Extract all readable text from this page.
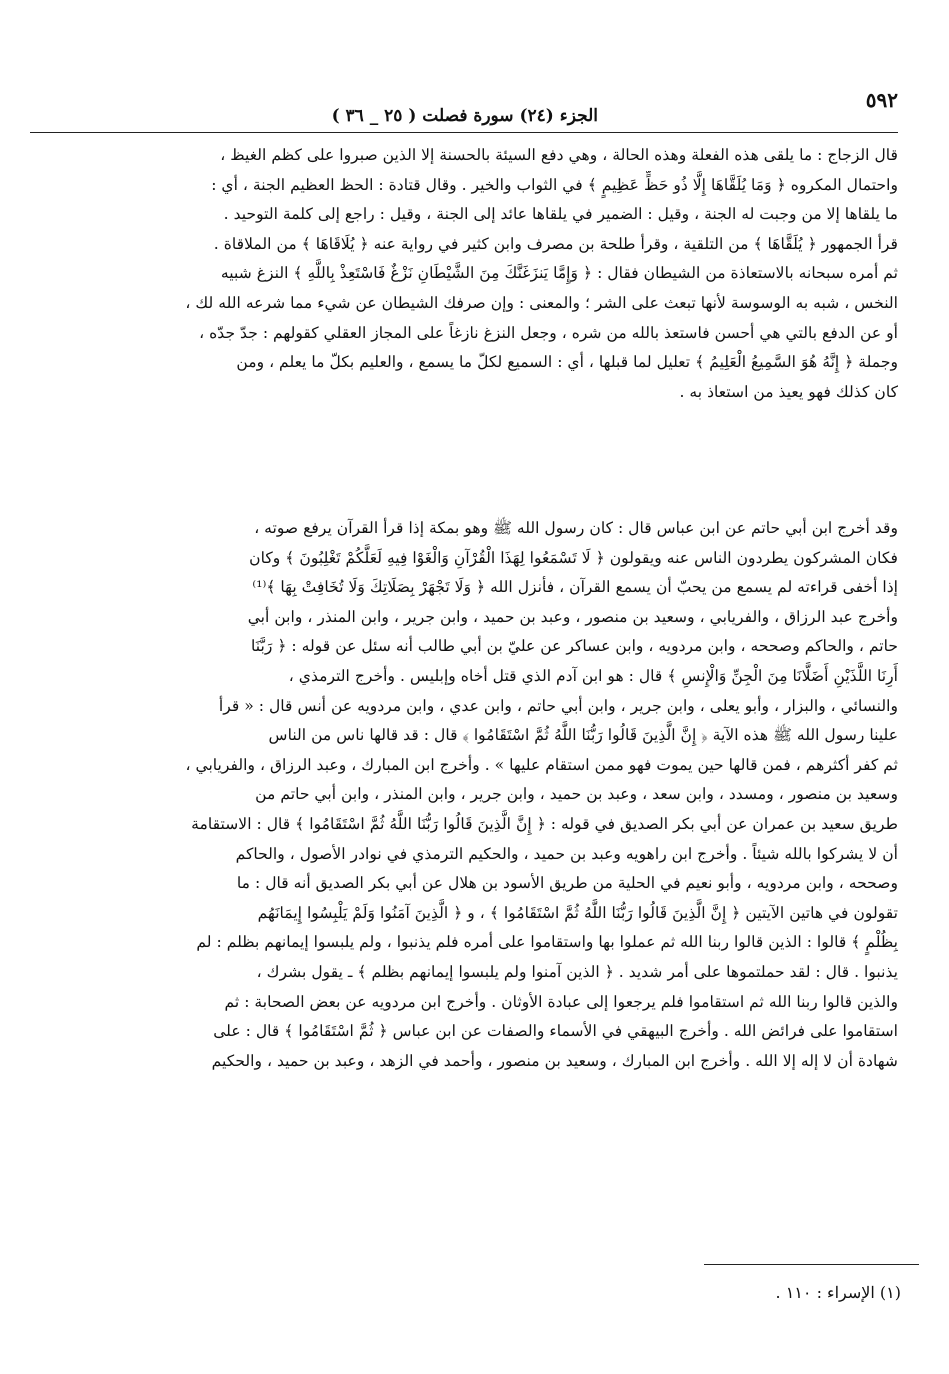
٥٩٢
الجزء (٢٤) سورة فصلت ( ٢٥ _ ٣٦ )
قال الزجاج : ما يلقى هذه الفعلة وهذه الحالة ، وهي دفع السيئة بالحسنة إلا الذين صبروا على كظم الغيظ ،
واحتمال المكروه ﴿ وَمَا يُلَقَّاهَا إِلَّا ذُو حَظٍّ عَظِيمٍ ﴾ في الثواب والخير . وقال قتادة : الحظ العظيم الجنة ، أي :
ما يلقاها إلا من وجبت له الجنة ، وقيل : الضمير في يلقاها عائد إلى الجنة ، وقيل : راجع إلى كلمة التوحيد .
قرأ الجمهور ﴿ يُلَقَّاهَا ﴾ من التلقية ، وقرأ طلحة بن مصرف وابن كثير في رواية عنه ﴿ يُلَاقَاهَا ﴾ من الملاقاة .
ثم أمره سبحانه بالاستعاذة من الشيطان فقال : ﴿ وَإِمَّا يَنزَغَنَّكَ مِنَ الشَّيْطَانِ نَزْغٌ فَاسْتَعِذْ بِاللَّهِ ﴾ النزغ شبيه
النخس ، شبه به الوسوسة لأنها تبعث على الشر ؛ والمعنى : وإن صرفك الشيطان عن شيء مما شرعه الله لك ،
أو عن الدفع بالتي هي أحسن فاستعذ بالله من شره ، وجعل النزغ نازغاً على المجاز العقلي كقولهم : جدّ جدّه ،
وجملة ﴿ إِنَّهُ هُوَ السَّمِيعُ الْعَلِيمُ ﴾ تعليل لما قبلها ، أي : السميع لكلّ ما يسمع ، والعليم بكلّ ما يعلم ، ومن
كان كذلك فهو يعيذ من استعاذ به .
وقد أخرج ابن أبي حاتم عن ابن عباس قال : كان رسول الله ﷺ وهو بمكة إذا قرأ القرآن يرفع صوته ،
فكان المشركون يطردون الناس عنه ويقولون ﴿ لَا تَسْمَعُوا لِهَذَا الْقُرْآنِ وَالْغَوْا فِيهِ لَعَلَّكُمْ تَغْلِبُونَ ﴾ وكان
إذا أخفى قراءته لم يسمع من يحبّ أن يسمع القرآن ، فأنزل الله ﴿ وَلَا تَجْهَرْ بِصَلَاتِكَ وَلَا تُخَافِتْ بِهَا ﴾⁽¹⁾
وأخرج عبد الرزاق ، والفريابي ، وسعيد بن منصور ، وعبد بن حميد ، وابن جرير ، وابن المنذر ، وابن أبي
حاتم ، والحاكم وصححه ، وابن مردويه ، وابن عساكر عن عليّ بن أبي طالب أنه سئل عن قوله : ﴿ رَبَّنَا
أَرِنَا اللَّذَيْنِ أَضَلَّانَا مِنَ الْجِنِّ وَالْإِنسِ ﴾ قال : هو ابن آدم الذي قتل أخاه وإبليس . وأخرج الترمذي ،
والنسائي ، والبزار ، وأبو يعلى ، وابن جرير ، وابن أبي حاتم ، وابن عدي ، وابن مردويه عن أنس قال : « قرأ
علينا رسول الله ﷺ هذه الآية ﴿ إِنَّ الَّذِينَ قَالُوا رَبُّنَا اللَّهُ ثُمَّ اسْتَقَامُوا ﴾ قال : قد قالها ناس من الناس
ثم كفر أكثرهم ، فمن قالها حين يموت فهو ممن استقام عليها » . وأخرج ابن المبارك ، وعبد الرزاق ، والفريابي ،
وسعيد بن منصور ، ومسدد ، وابن سعد ، وعبد بن حميد ، وابن جرير ، وابن المنذر ، وابن أبي حاتم من
طريق سعيد بن عمران عن أبي بكر الصديق في قوله : ﴿ إِنَّ الَّذِينَ قَالُوا رَبُّنَا اللَّهُ ثُمَّ اسْتَقَامُوا ﴾ قال : الاستقامة
أن لا يشركوا بالله شيئاً . وأخرج ابن راهويه وعبد بن حميد ، والحكيم الترمذي في نوادر الأصول ، والحاكم
وصححه ، وابن مردويه ، وأبو نعيم في الحلية من طريق الأسود بن هلال عن أبي بكر الصديق أنه قال : ما
تقولون في هاتين الآيتين ﴿ إِنَّ الَّذِينَ قَالُوا رَبُّنَا اللَّهُ ثُمَّ اسْتَقَامُوا ﴾ ، و ﴿ الَّذِينَ آمَنُوا وَلَمْ يَلْبِسُوا إِيمَانَهُم
بِظُلْمٍ ﴾ قالوا : الذين قالوا ربنا الله ثم عملوا بها واستقاموا على أمره فلم يذنبوا ، ولم يلبسوا إيمانهم بظلم : لم
يذنبوا . قال : لقد حملتموها على أمر شديد . ﴿ الذين آمنوا ولم يلبسوا إيمانهم بظلم ﴾ ـ يقول بشرك ،
والذين قالوا ربنا الله ثم استقاموا فلم يرجعوا إلى عبادة الأوثان . وأخرج ابن مردويه عن بعض الصحابة : ثم
استقاموا على فرائض الله . وأخرج البيهقي في الأسماء والصفات عن ابن عباس ﴿ ثُمَّ اسْتَقَامُوا ﴾ قال : على
شهادة أن لا إله إلا الله . وأخرج ابن المبارك ، وسعيد بن منصور ، وأحمد في الزهد ، وعبد بن حميد ، والحكيم
(١) الإسراء : ١١٠ .
